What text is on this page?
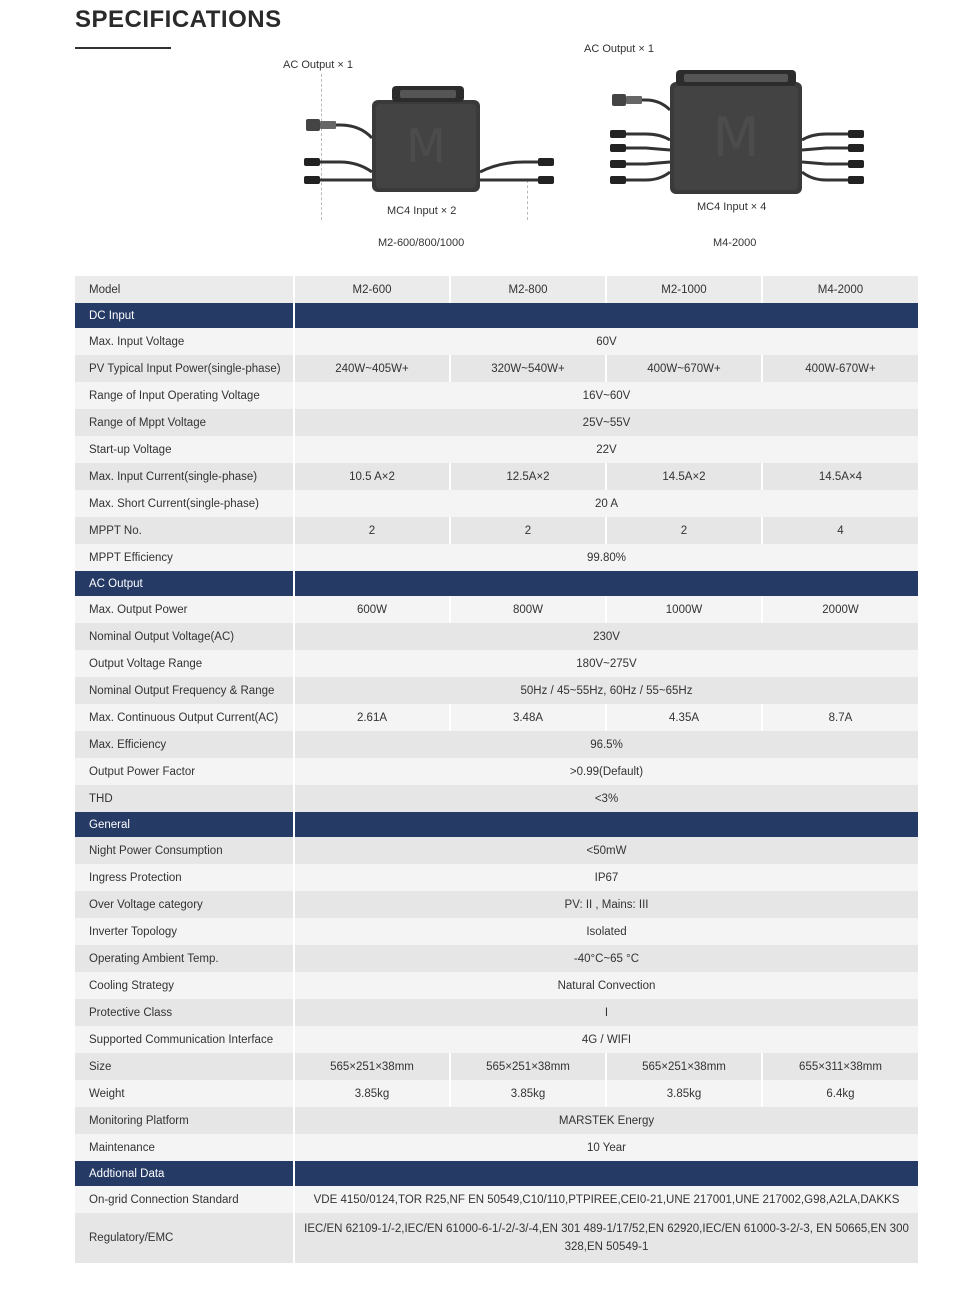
SPECIFICATIONS
AC Output × 1
M
MC4 Input × 2
M2-600/800/1000
AC Output × 1
M
MC4 Input × 4
M4-2000
Model	M2-600	M2-800	M2-1000	M4-2000
DC Input				
Max. Input Voltage	60V			
PV Typical Input Power(single-phase)	240W~405W+	320W~540W+	400W~670W+	400W-670W+
Range of Input Operating Voltage	16V~60V			
Range of Mppt Voltage	25V~55V			
Start-up Voltage	22V			
Max. Input Current(single-phase)	10.5 A×2	12.5A×2	14.5A×2	14.5A×4
Max. Short Current(single-phase)	20 A			
MPPT No.	2	2	2	4
MPPT Efficiency	99.80%			
AC Output				
Max. Output Power	600W	800W	1000W	2000W
Nominal Output Voltage(AC)	230V			
Output Voltage Range	180V~275V			
Nominal Output Frequency & Range	50Hz / 45~55Hz, 60Hz / 55~65Hz			
Max. Continuous Output Current(AC)	2.61A	3.48A	4.35A	8.7A
Max. Efficiency	96.5%			
Output Power Factor	>0.99(Default)			
THD	<3%			
General				
Night Power Consumption	<50mW			
Ingress Protection	IP67			
Over Voltage category	PV: II , Mains: III			
Inverter Topology	Isolated			
Operating Ambient Temp.	-40°C~65 °C			
Cooling Strategy	Natural Convection			
Protective Class	I			
Supported Communication Interface	4G / WIFI			
Size	565×251×38mm	565×251×38mm	565×251×38mm	655×311×38mm
Weight	3.85kg	3.85kg	3.85kg	6.4kg
Monitoring Platform	MARSTEK Energy			
Maintenance	10 Year			
Addtional Data				
On-grid Connection Standard	VDE 4150/0124,TOR R25,NF EN 50549,C10/110,PTPIREE,CEI0-21,UNE 217001,UNE 217002,G98,A2LA,DAKKS			
Regulatory/EMC	IEC/EN 62109-1/-2,IEC/EN 61000-6-1/-2/-3/-4,EN 301 489-1/17/52,EN 62920,IEC/EN 61000-3-2/-3, EN 50665,EN 300 328,EN 50549-1			
